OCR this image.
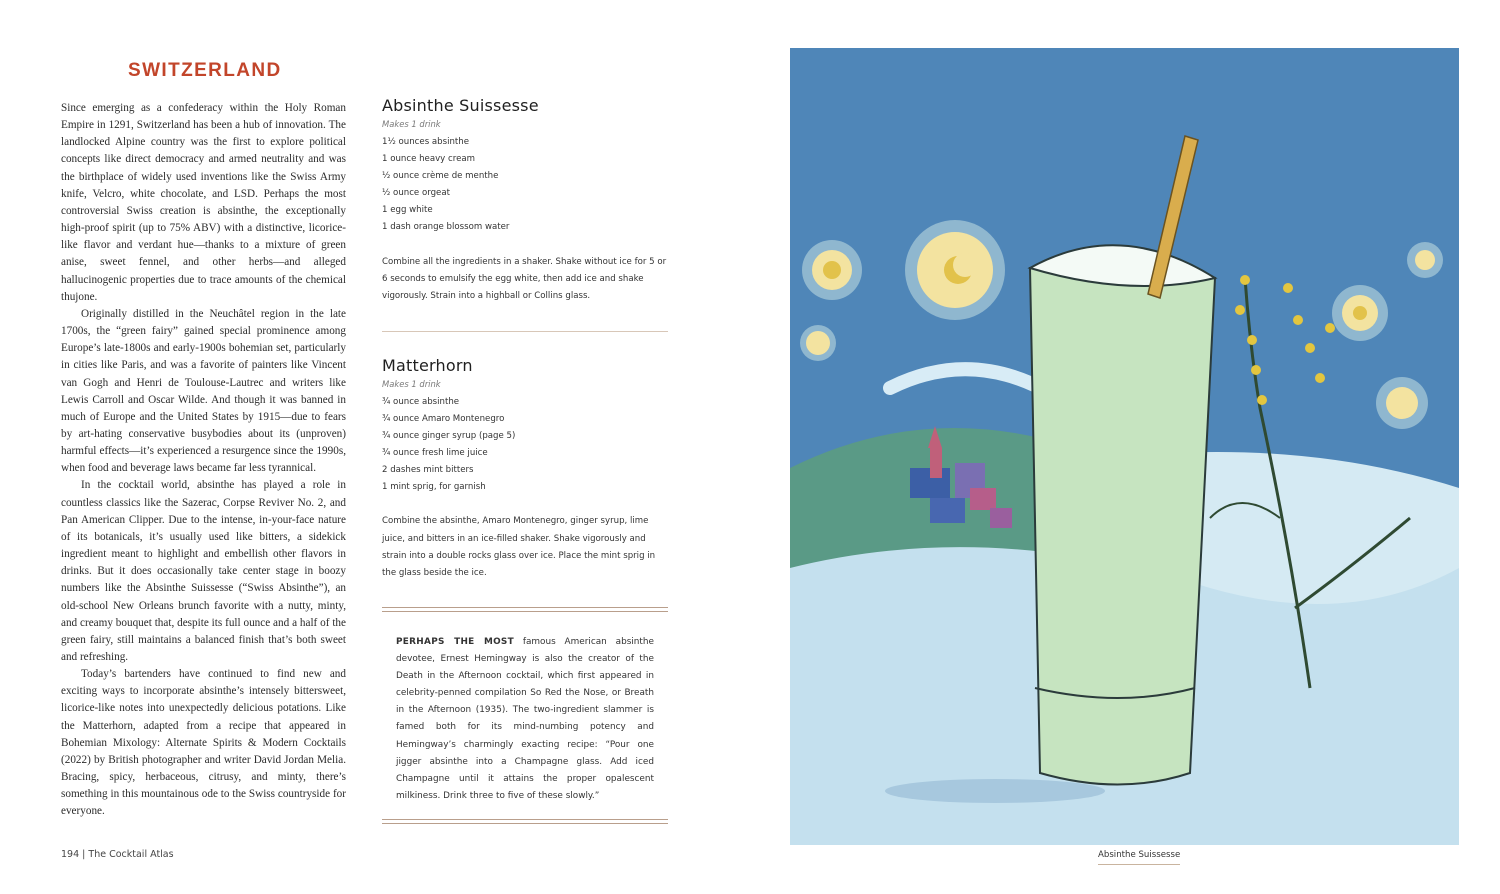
SWITZERLAND

Since emerging as a confederacy within the Holy Roman Empire in 1291, Switzerland has been a hub of innovation. The landlocked Alpine country was the first to explore political concepts like direct democracy and armed neutrality and was the birthplace of widely used inventions like the Swiss Army knife, Velcro, white chocolate, and LSD. Perhaps the most controversial Swiss creation is absinthe, the exceptionally high-proof spirit (up to 75% ABV) with a distinctive, licorice-like flavor and verdant hue—thanks to a mixture of green anise, sweet fennel, and other herbs—and alleged hallucinogenic properties due to trace amounts of the chemical thujone.

Originally distilled in the Neuchâtel region in the late 1700s, the “green fairy” gained special prominence among Europe’s late-1800s and early-1900s bohemian set, particularly in cities like Paris, and was a favorite of painters like Vincent van Gogh and Henri de Toulouse-Lautrec and writers like Lewis Carroll and Oscar Wilde. And though it was banned in much of Europe and the United States by 1915—due to fears by art-hating conservative busybodies about its (unproven) harmful effects—it’s experienced a resurgence since the 1990s, when food and beverage laws became far less tyrannical.

In the cocktail world, absinthe has played a role in countless classics like the Sazerac, Corpse Reviver No. 2, and Pan American Clipper. Due to the intense, in-your-face nature of its botanicals, it’s usually used like bitters, a sidekick ingredient meant to highlight and embellish other flavors in drinks. But it does occasionally take center stage in boozy numbers like the Absinthe Suissesse (“Swiss Absinthe”), an old-school New Orleans brunch favorite with a nutty, minty, and creamy bouquet that, despite its full ounce and a half of the green fairy, still maintains a balanced finish that’s both sweet and refreshing.

Today’s bartenders have continued to find new and exciting ways to incorporate absinthe’s intensely bittersweet, licorice-like notes into unexpectedly delicious potations. Like the Matterhorn, adapted from a recipe that appeared in Bohemian Mixology: Alternate Spirits & Modern Cocktails (2022) by British photographer and writer David Jordan Melia. Bracing, spicy, herbaceous, citrusy, and minty, there’s something in this mountainous ode to the Swiss countryside for everyone.

Absinthe Suissesse
Makes 1 drink
1½ ounces absinthe
1 ounce heavy cream
½ ounce crème de menthe
½ ounce orgeat
1 egg white
1 dash orange blossom water
Combine all the ingredients in a shaker. Shake without ice for 5 or 6 seconds to emulsify the egg white, then add ice and shake vigorously. Strain into a highball or Collins glass.
Matterhorn
Makes 1 drink
¾ ounce absinthe
¾ ounce Amaro Montenegro
¾ ounce ginger syrup (page 5)
¾ ounce fresh lime juice
2 dashes mint bitters
1 mint sprig, for garnish
Combine the absinthe, Amaro Montenegro, ginger syrup, lime juice, and bitters in an ice-filled shaker. Shake vigorously and strain into a double rocks glass over ice. Place the mint sprig in the glass beside the ice.
PERHAPS THE MOST famous American absinthe devotee, Ernest Hemingway is also the creator of the Death in the Afternoon cocktail, which first appeared in celebrity-penned compilation So Red the Nose, or Breath in the Afternoon (1935). The two-ingredient slammer is famed both for its mind-numbing potency and Hemingway’s charmingly exacting recipe: “Pour one jigger absinthe into a Champagne glass. Add iced Champagne until it attains the proper opalescent milkiness. Drink three to five of these slowly.”
194 | The Cocktail Atlas	Absinthe Suissesse
